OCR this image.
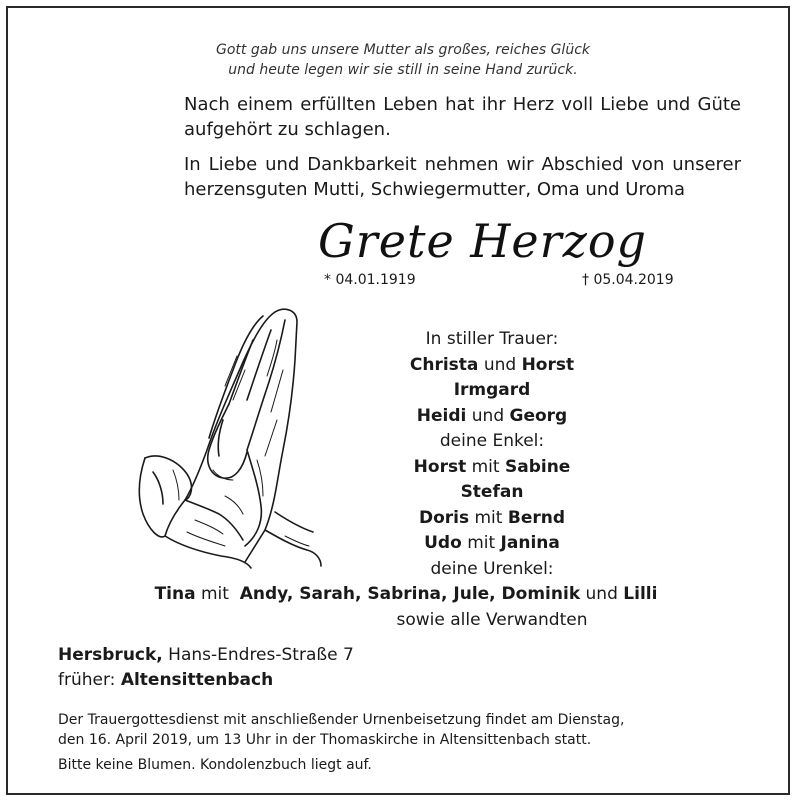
Gott gab uns unsere Mutter als großes, reiches Glück
und heute legen wir sie still in seine Hand zurück.

Nach einem erfüllten Leben hat ihr Herz voll Liebe und Güte aufgehört zu schlagen.

In Liebe und Dankbarkeit nehmen wir Abschied von unserer herzensguten Mutti, Schwiegermutter, Oma und Uroma

Grete Herzog
* 04.01.1919	† 05.04.2019
In stiller Trauer:
Christa und Horst
Irmgard
Heidi und Georg
deine Enkel:
Horst mit Sabine
Stefan
Doris mit Bernd
Udo mit Janina
deine Urenkel:
Tina mit Andy, Sarah, Sabrina, Jule, Dominik und Lilli
sowie alle Verwandten
Hersbruck, Hans-Endres-Straße 7
früher: Altensittenbach
Der Trauergottesdienst mit anschließender Urnenbeisetzung findet am Dienstag,
den 16. April 2019, um 13 Uhr in der Thomaskirche in Altensittenbach statt.
Bitte keine Blumen. Kondolenzbuch liegt auf.
